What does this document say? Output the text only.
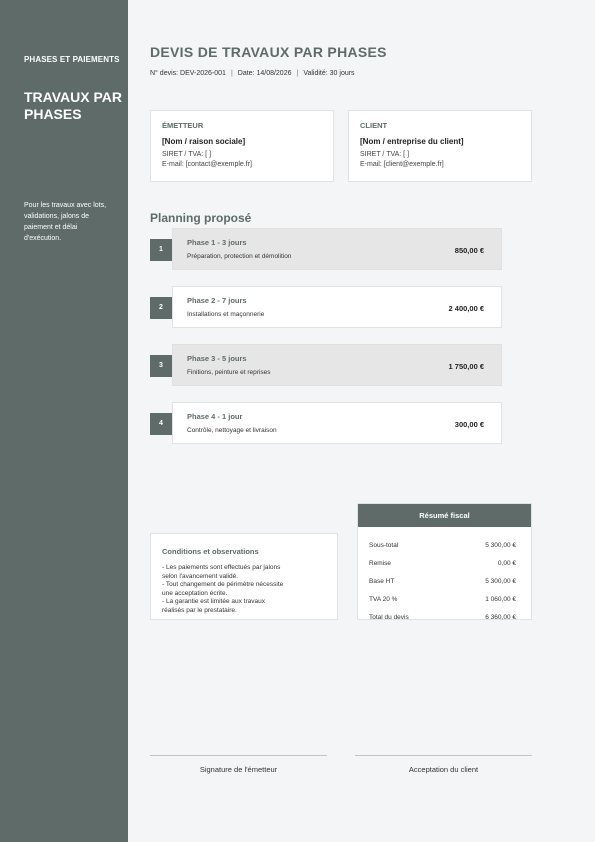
PHASES ET PAIEMENTS
TRAVAUX PAR PHASES
Pour les travaux avec lots, validations, jalons de paiement et délai d'exécution.
DEVIS DE TRAVAUX PAR PHASES
N° devis: DEV-2026-001 | Date: 14/08/2026 | Validité: 30 jours
ÉMETTEUR
[Nom / raison sociale]
SIRET / TVA: [ ]
E-mail: [contact@exemple.fr]
CLIENT
[Nom / entreprise du client]
SIRET / TVA: [ ]
E-mail: [client@exemple.fr]
Planning proposé
1
Phase 1 - 3 jours
Préparation, protection et démolition
850,00 €
2
Phase 2 - 7 jours
Installations et maçonnerie
2 400,00 €
3
Phase 3 - 5 jours
Finitions, peinture et reprises
1 750,00 €
4
Phase 4 - 1 jour
Contrôle, nettoyage et livraison
300,00 €
Conditions et observations
- Les paiements sont effectués par jalons
selon l'avancement validé.
- Tout changement de périmètre nécessite
une acceptation écrite.
- La garantie est limitée aux travaux
réalisés par le prestataire.
Résumé fiscal
Sous-total	5 300,00 €
Remise	0,00 €
Base HT	5 300,00 €
TVA 20 %	1 060,00 €
Total du devis	6 360,00 €
Signature de l'émetteur	Acceptation du client
